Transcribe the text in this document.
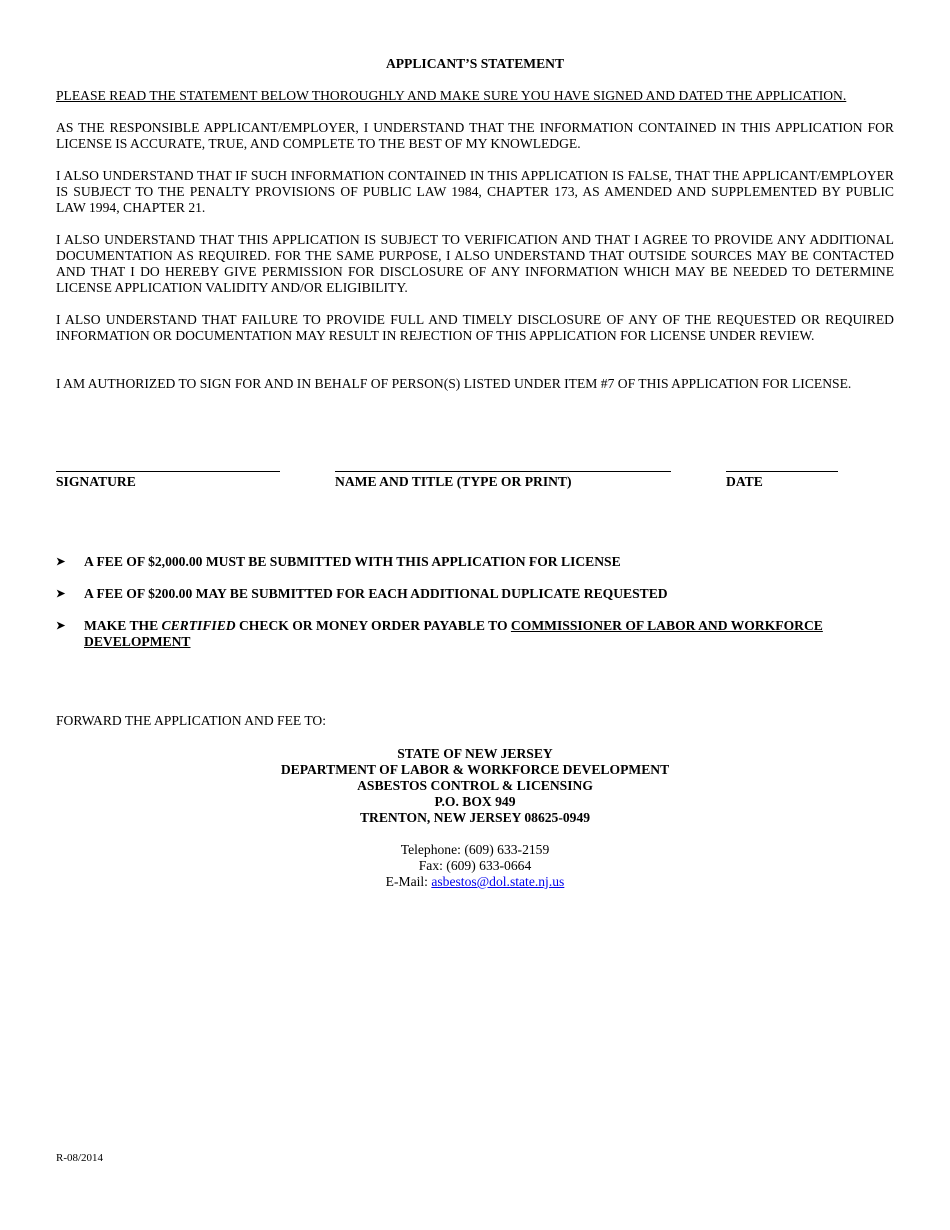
APPLICANT’S STATEMENT
PLEASE READ THE STATEMENT BELOW THOROUGHLY AND MAKE SURE YOU HAVE SIGNED AND DATED THE APPLICATION.
AS THE RESPONSIBLE APPLICANT/EMPLOYER, I UNDERSTAND THAT THE INFORMATION CONTAINED IN THIS APPLICATION FOR LICENSE IS ACCURATE, TRUE, AND COMPLETE TO THE BEST OF MY KNOWLEDGE.
I ALSO UNDERSTAND THAT IF SUCH INFORMATION CONTAINED IN THIS APPLICATION IS FALSE, THAT THE APPLICANT/EMPLOYER IS SUBJECT TO THE PENALTY PROVISIONS OF PUBLIC LAW 1984, CHAPTER 173, AS AMENDED AND SUPPLEMENTED BY PUBLIC LAW 1994, CHAPTER 21.
I ALSO UNDERSTAND THAT THIS APPLICATION IS SUBJECT TO VERIFICATION AND THAT I AGREE TO PROVIDE ANY ADDITIONAL DOCUMENTATION AS REQUIRED. FOR THE SAME PURPOSE, I ALSO UNDERSTAND THAT OUTSIDE SOURCES MAY BE CONTACTED AND THAT I DO HEREBY GIVE PERMISSION FOR DISCLOSURE OF ANY INFORMATION WHICH MAY BE NEEDED TO DETERMINE LICENSE APPLICATION VALIDITY AND/OR ELIGIBILITY.
I ALSO UNDERSTAND THAT FAILURE TO PROVIDE FULL AND TIMELY DISCLOSURE OF ANY OF THE REQUESTED OR REQUIRED INFORMATION OR DOCUMENTATION MAY RESULT IN REJECTION OF THIS APPLICATION FOR LICENSE UNDER REVIEW.
I AM AUTHORIZED TO SIGN FOR AND IN BEHALF OF PERSON(S) LISTED UNDER ITEM #7 OF THIS APPLICATION FOR LICENSE.
SIGNATURE	NAME AND TITLE (TYPE OR PRINT)	DATE
➤ A FEE OF $2,000.00 MUST BE SUBMITTED WITH THIS APPLICATION FOR LICENSE
➤ A FEE OF $200.00 MAY BE SUBMITTED FOR EACH ADDITIONAL DUPLICATE REQUESTED
➤ MAKE THE CERTIFIED CHECK OR MONEY ORDER PAYABLE TO COMMISSIONER OF LABOR AND WORKFORCE DEVELOPMENT
FORWARD THE APPLICATION AND FEE TO:
STATE OF NEW JERSEY
DEPARTMENT OF LABOR & WORKFORCE DEVELOPMENT
ASBESTOS CONTROL & LICENSING
P.O. BOX 949
TRENTON, NEW JERSEY 08625-0949
Telephone: (609) 633-2159
Fax: (609) 633-0664
E-Mail: asbestos@dol.state.nj.us
R-08/2014
